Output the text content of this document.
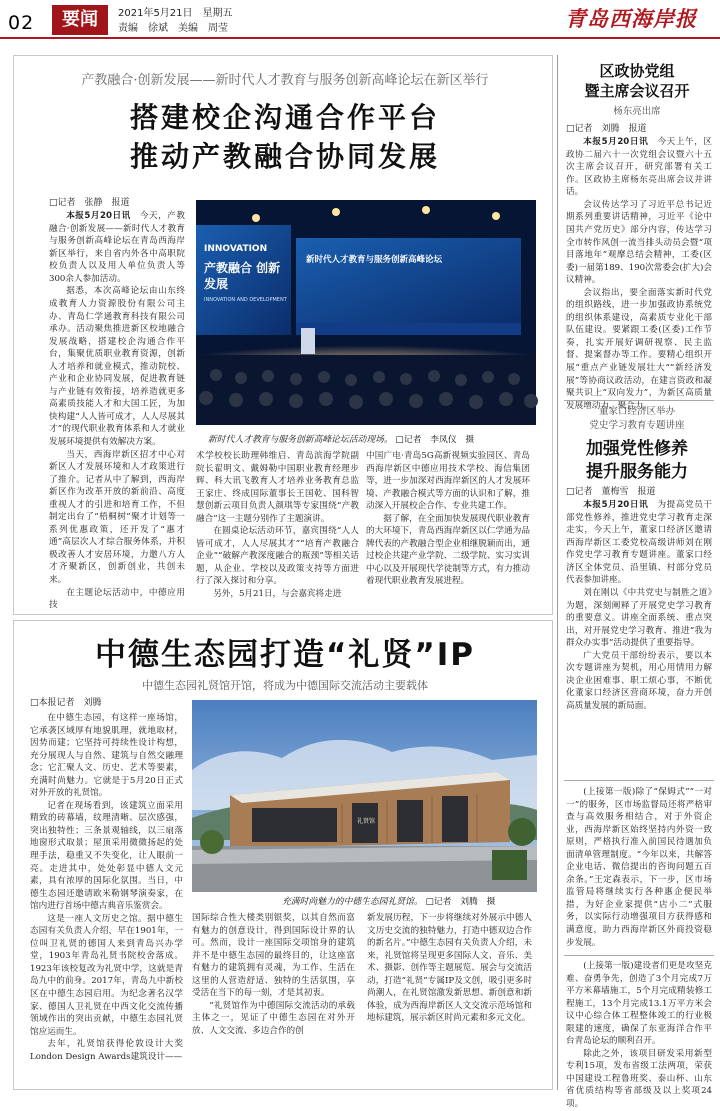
02	要闻	2021年5月21日　星期五
责编　徐斌　美编　周莹	青岛西海岸报
产教融合·创新发展——新时代人才教育与服务创新高峰论坛在新区举行
搭建校企沟通合作平台
推动产教融合协同发展

□记者　张静　报道

本报5月20日讯　今天，产教融合·创新发展——新时代人才教育与服务创新高峰论坛在青岛西海岸新区举行，来自省内外各中高职院校负责人以及用人单位负责人等300余人参加活动。

据悉，本次高峰论坛由山东终成教育人力资源股份有限公司主办、青岛仁学通教育科技有限公司承办。活动聚焦推进新区校地融合发展战略，搭建校企沟通合作平台，集聚优质职业教育资源，创新人才培养和就业模式，推动院校、产业和企业协同发展，促进教育链与产业链有效衔接，培养造就更多高素质技能人才和大国工匠，为加快构建“人人皆可成才，人人尽展其才”的现代职业教育体系和人才就业发展环境提供有效解决方案。

当天，西海岸新区招才中心对新区人才发展环境和人才政策进行了推介。记者从中了解到，西海岸新区作为改革开放的新前沿、高度重视人才的引进和培育工作，不但制定出台了“梧桐树”聚才计划等一系列优惠政策，还开发了“惠才通”高层次人才综合服务体系，并积极改善人才安居环境，力邀八方人才齐聚新区，创新创业，共创未来。

在主题论坛活动中，中德应用技

INNOVATION
产教融合 创新发展
INNOVATION AND DEVELOPMENT
新时代人才教育与服务创新高峰论坛
新时代人才教育与服务创新高峰论坛活动现场。 □记者　李凤仪　摄

术学校校长助理韩维启、青岛滨海学院副院长翟明文、戴姆勒中国职业教育经理步辉、科大讯飞教育人才培养业务教育总监王家庄、终成国际董事长王国乾、国科智慧创新云项目负责人颜琪等专家围绕“产教融合”这一主题分别作了主题演讲。

在圆桌论坛活动环节，嘉宾围绕“人人皆可成才，人人尽展其才”“培育产教融合企业”“破解产教深度融合的瓶颈”等相关话题，从企业、学校以及政策支持等方面进行了深入探讨和分享。

另外，5月21日，与会嘉宾将走进

中国广电·青岛5G高新视频实验园区、青岛西海岸新区中德应用技术学校、海信集团等，进一步加深对西海岸新区的人才发展环境、产教融合模式等方面的认识和了解，推动深入开展校企合作、专业共建工作。

据了解，在全面加快发展现代职业教育的大环境下，青岛西海岸新区以仁学通为品牌代表的产教融合型企业相继脱颖而出，通过校企共建产业学院、二级学院、实习实训中心以及开展现代学徒制等方式，有力推动着现代职业教育发展进程。

中德生态园打造“礼贤”IP
中德生态园礼贤馆开馆，将成为中德国际交流活动主要载体
□本报记者　刘腾

在中德生态园，有这样一座场馆，它承袭区域厚有地貌肌理，就地取材，因势而建；它坚持可持续性设计构想，充分展现人与自然、建筑与自然交融理念；它汇聚人文、历史、艺术等要素，充满时尚魅力。它就是于5月20日正式对外开放的礼贤馆。

记者在现场看到，该建筑立面采用精致的砖幕墙，纹理清晰、层次感强，突出独特性；三条景观轴线，以三扇落地窗形式取景；屋顶采用微微扬起的处理手法，稳重又不失变化，让人眼前一亮。走进其中，处处彰显中德人文元素，具有浓厚的国际化氛围。当日，中德生态园还邀请欧米勒钢琴演奏家，在馆内进行首场中德古典音乐鉴赏会。

这是一座人文历史之馆。据中德生态园有关负责人介绍，早在1901年，一位叫卫礼贤的德国人来到青岛兴办学堂，1903年青岛礼贤书院校舍落成。1923年该校复改为礼贤中学，这就是青岛九中的前身。2017年，青岛九中新校区在中德生态园启用。为纪念著名汉学家、德国人卫礼贤在中西文化交流传播领域作出的突出贡献，中德生态园礼贤馆应运而生。

去年，礼贤馆获得伦敦设计大奖London Design Awards建筑设计——

礼贤馆
充满时尚魅力的中德生态园礼贤馆。 □记者　刘腾　摄

国际综合性大楼类别银奖，以其自然而富有魅力的创意设计，得到国际设计界的认可。然而，设计一座国际交项馆身的建筑并不是中德生态园的最终目的，让这座富有魅力的建筑拥有灵魂，为工作、生活在这里的人营造舒适、独特的生活氛围，享受活在当下的每一刻，才是其初衷。

“礼贤馆作为中德国际交流活动的承载主体之一，见证了中德生态园在对外开放、人文交流、多边合作的创

新发展历程，下一步将继续对外展示中德人文历史交流的独特魅力，打造中德双边合作的新名片。”中德生态园有关负责人介绍，未来，礼贤馆将呈现更多国际人文、音乐、美术、摄影、创作等主题展览、展会与交流活动，打造“礼贤”专属IP及文创，吸引更多时尚潮人，在礼贤馆激发新思想、新创意和新体验，成为西海岸新区人文交流示范场馆和地标建筑，展示新区时尚元素和多元文化。

区政协党组
暨主席会议召开
杨东亮出席

□记者　刘腾　报道

本报5月20日讯　今天上午，区政协二届六十一次党组会议暨六十五次主席会议召开，研究部署有关工作。区政协主席杨东亮出席会议并讲话。

会议传达学习了习近平总书记近期系列重要讲话精神，习近平《论中国共产党历史》部分内容，传达学习全市转作风创一流当排头动员会暨“项目落地年”观摩总结会精神，工委(区委)一届第189、190次常委会(扩大)会议精神。

会议指出，要全面落实新时代党的组织路线，进一步加强政协系统党的组织体系建设，高素质专业化干部队伍建设。要紧跟工委(区委)工作节奏，扎实开展好调研视察、民主监督、提案督办等工作。要精心组织开展“重点产业链发展壮大”“新经济发展”等协商议政活动，在建言资政和凝聚共识上“双向发力”，为新区高质量发展增动力、聚合力。

董家口经济区举办
党史学习教育专题讲座
加强党性修养
提升服务能力

□记者　董梅雪　报道

本报5月20日讯　为提高党员干部党性修养，推进党史学习教育走深走实，今天上午，董家口经济区邀请西海岸新区工委党校高级讲师刘在刚作党史学习教育专题讲座。董家口经济区全体党员、沿里镇、村部分党员代表参加讲座。

刘在刚以《中共党史与制胜之道》为题，深刻阐释了开展党史学习教育的重要意义。讲座全面系统、重点突出，对开展党史学习教育、推进“我为群众办实事”活动提供了重要指导。

广大党员干部纷纷表示，要以本次专题讲座为契机，用心用情用力解决企业困难事、职工烦心事，不断优化董家口经济区营商环境，奋力开创高质量发展的新局面。

(上接第一版)除了“保姆式”“一对一”的服务，区市场监督局还将严格审查与高效服务相结合，对于外资企业，西海岸新区始终坚持内外资一致原则，严格执行准入前国民待遇加负面清单管理制度。“今年以来，共解答企业电话、微信提出的咨询问题五百余条。”王定森表示，下一步，区市场监管局将继续实行各种惠企便民举措，为好企业家提供“店小二”式服务，以实际行动增强项目方获得感和满意度，助力西海岸新区外商投资稳步发展。

(上接第一版)建设者们更是攻坚克难、奋勇争先，创造了3个月完成7万平方米幕墙施工，5个月完成精装修工程施工，13个月完成13.1万平方米会议中心综合体工程整体竣工的行业极限建的速度，确保了东亚海洋合作平台青岛论坛的顺利召开。

除此之外，该项目研发采用新型专利15项，发布省级工法两项，荣获中国建设工程鲁班奖、泰山杯、山东省优质结构等省部级及以上奖项24项。
